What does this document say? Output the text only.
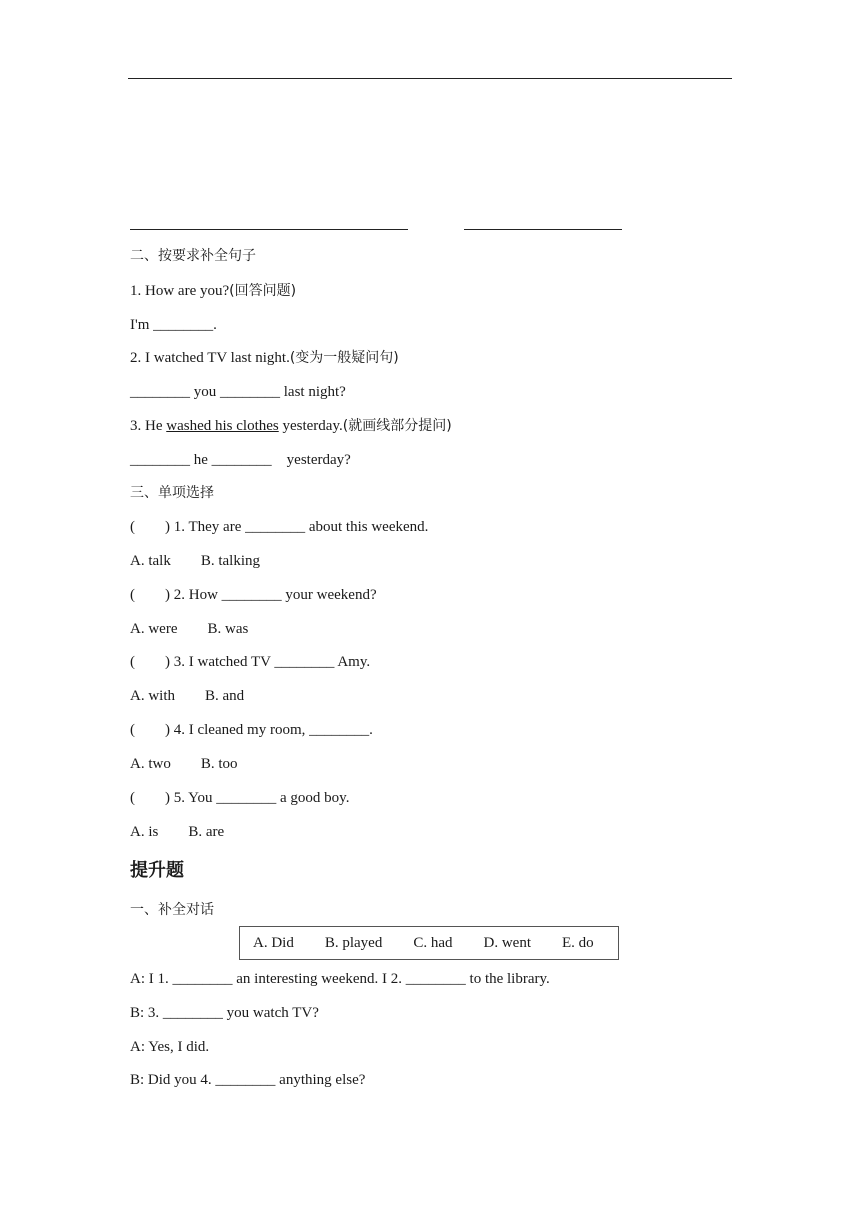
二、按要求补全句子
1. How are you?(回答问题)
I'm ________.
2. I watched TV last night.(变为一般疑问句)
________ you ________ last night?
3. He washed his clothes yesterday.(就画线部分提问)
________ he ________    yesterday?
三、单项选择
(        ) 1. They are ________ about this weekend.
A. talk        B. talking
(        ) 2. How ________ your weekend?
A. were        B. was
(        ) 3. I watched TV ________ Amy.
A. with        B. and
(        ) 4. I cleaned my room, ________.
A. two        B. too
(        ) 5. You ________ a good boy.
A. is        B. are
提升题
一、补全对话
A. Did B. played C. had D. went E. do
A: I 1. ________ an interesting weekend. I 2. ________ to the library.
B: 3. ________ you watch TV?
A: Yes, I did.
B: Did you 4. ________ anything else?
